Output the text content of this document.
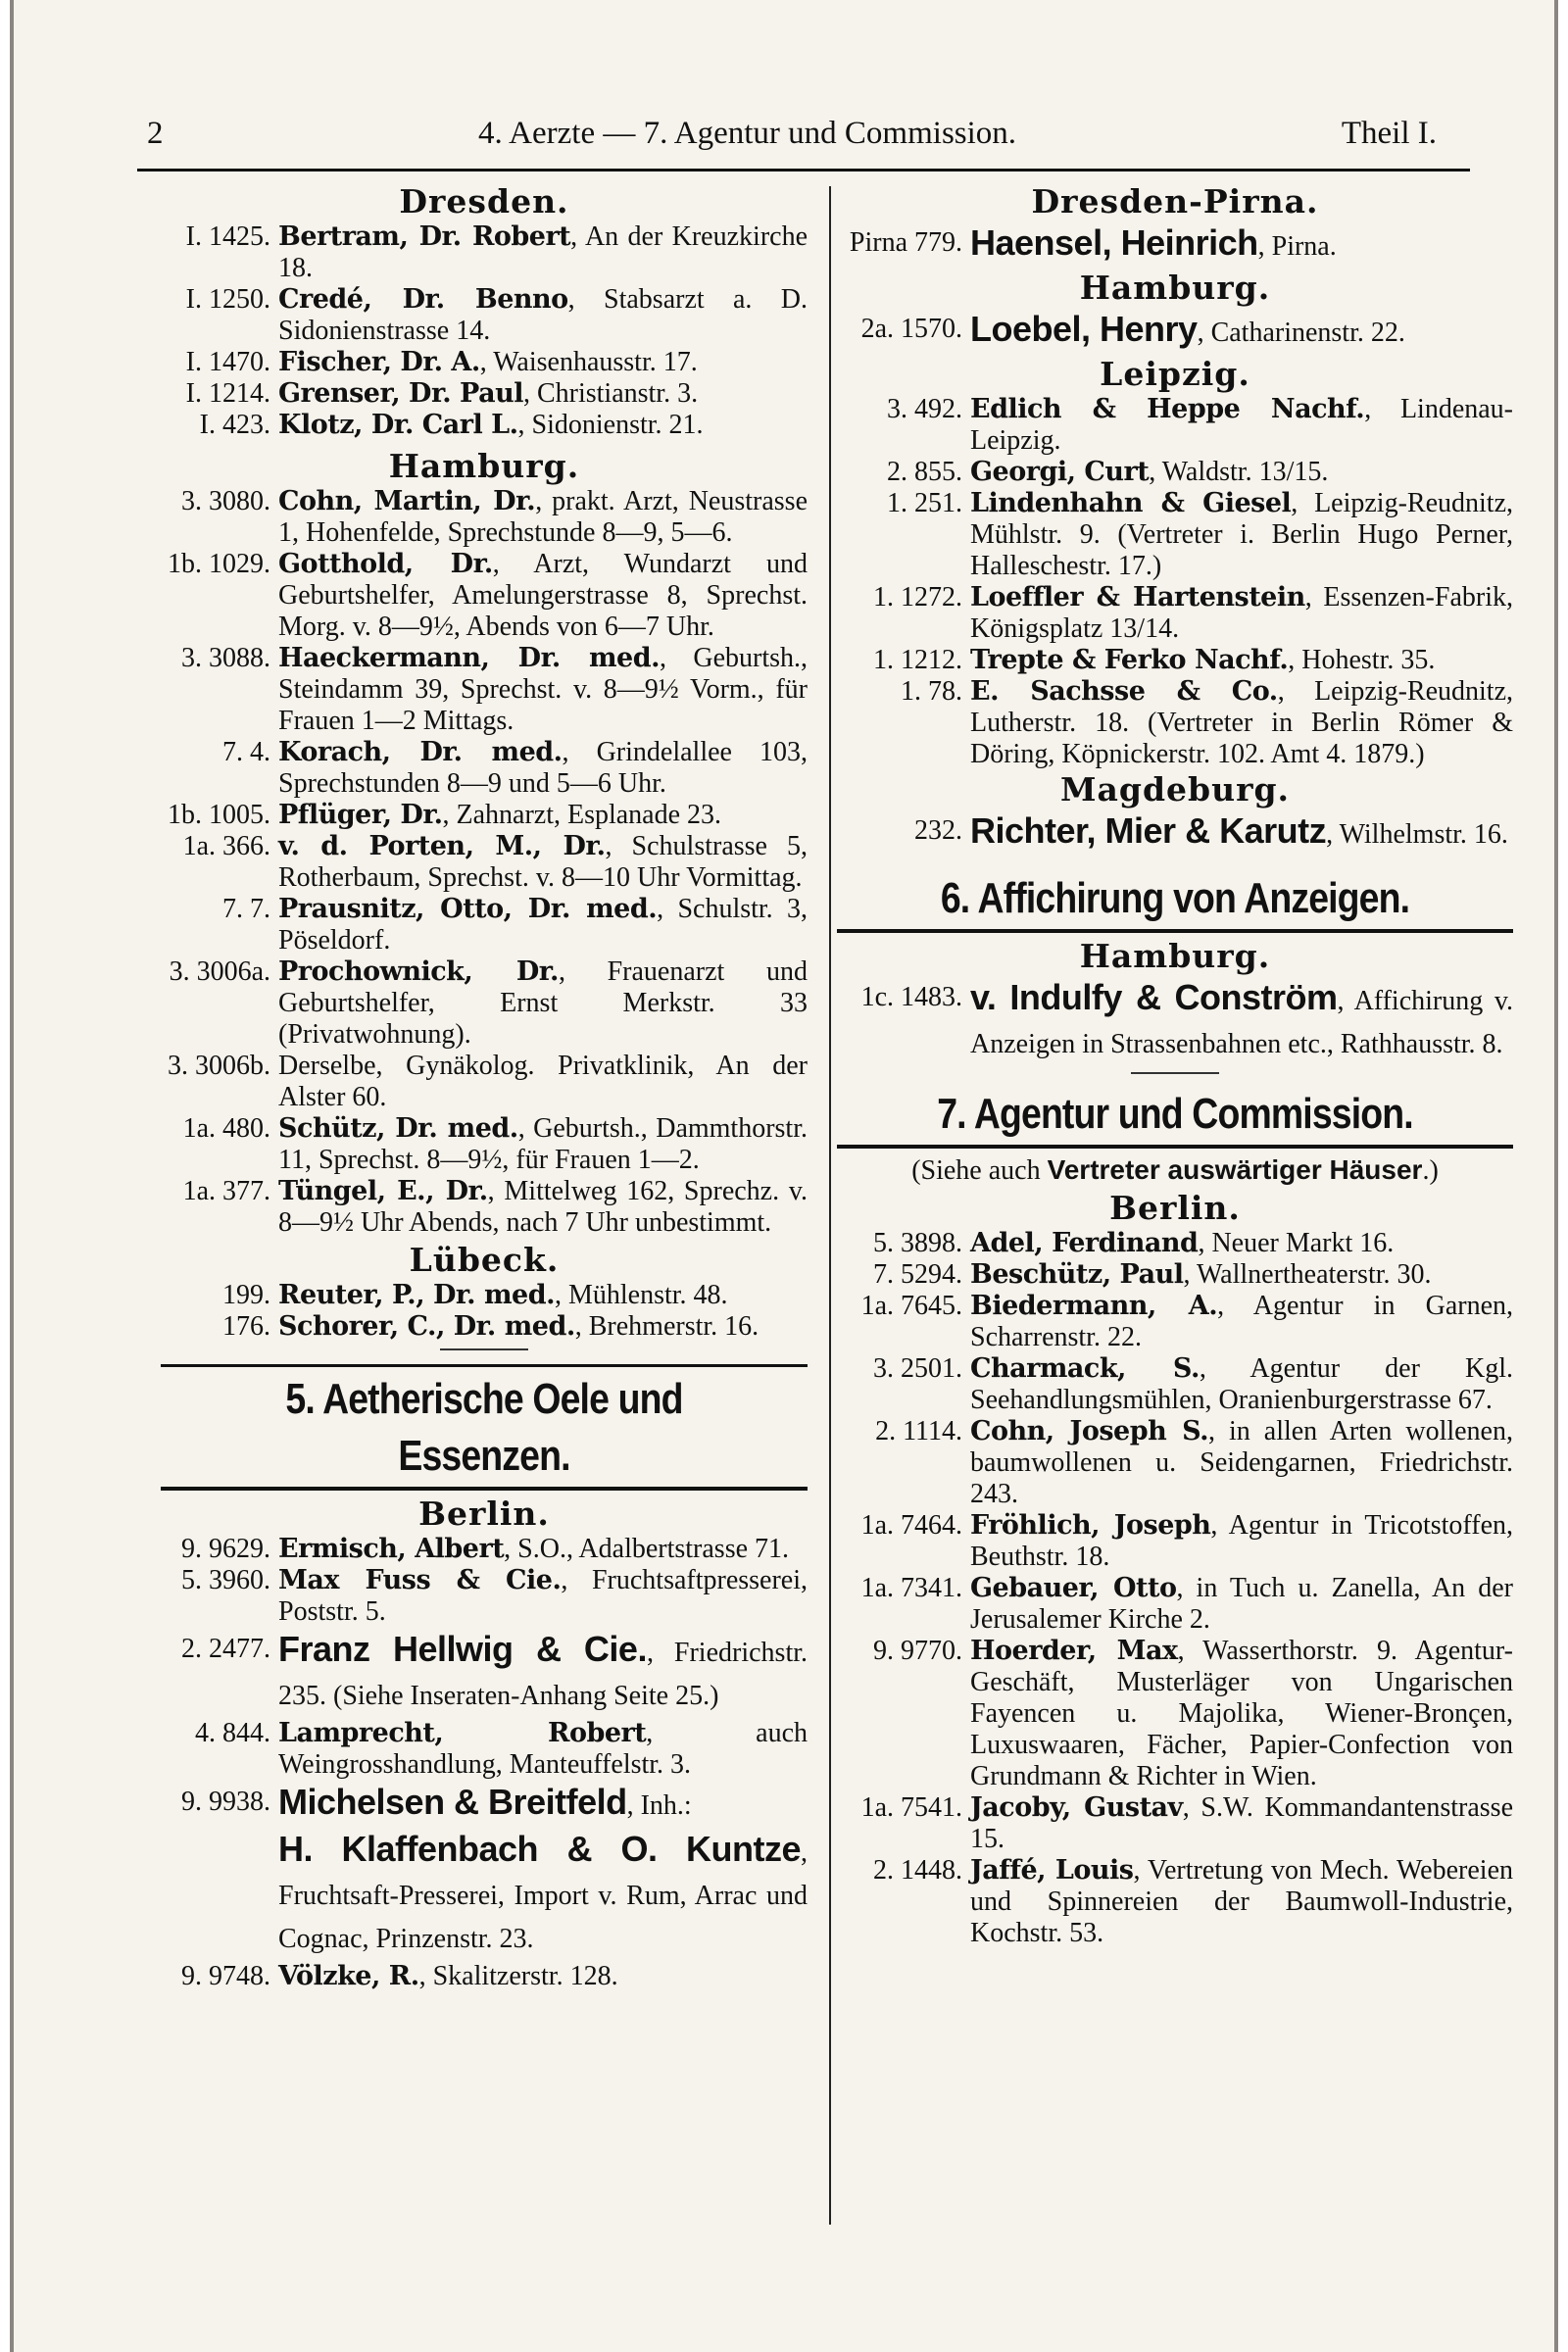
2	4. Aerzte — 7. Agentur und Commission.	Theil I.
Dresden.
I. 1425. Bertram, Dr. Robert, An der Kreuzkirche 18.
I. 1250. Credé, Dr. Benno, Stabsarzt a. D. Sidonienstrasse 14.
I. 1470. Fischer, Dr. A., Waisenhausstr. 17.
I. 1214. Grenser, Dr. Paul, Christianstr. 3.
I. 423. Klotz, Dr. Carl L., Sidonienstr. 21.
Hamburg.
3. 3080. Cohn, Martin, Dr., prakt. Arzt, Neustrasse 1, Hohenfelde, Sprechstunde 8—9, 5—6.
1b. 1029. Gotthold, Dr., Arzt, Wundarzt und Geburtshelfer, Amelungerstrasse 8, Sprechst. Morg. v. 8—9½, Abends von 6—7 Uhr.
3. 3088. Haeckermann, Dr. med., Geburtsh., Steindamm 39, Sprechst. v. 8—9½ Vorm., für Frauen 1—2 Mittags.
7. 4. Korach, Dr. med., Grindelallee 103, Sprechstunden 8—9 und 5—6 Uhr.
1b. 1005. Pflüger, Dr., Zahnarzt, Esplanade 23.
1a. 366. v. d. Porten, M., Dr., Schulstrasse 5, Rotherbaum, Sprechst. v. 8—10 Uhr Vormittag.
7. 7. Prausnitz, Otto, Dr. med., Schulstr. 3, Pöseldorf.
3. 3006a. Prochownick, Dr., Frauenarzt und Geburtshelfer, Ernst Merkstr. 33 (Privatwohnung).
3. 3006b. Derselbe, Gynäkolog. Privatklinik, An der Alster 60.
1a. 480. Schütz, Dr. med., Geburtsh., Dammthorstr. 11, Sprechst. 8—9½, für Frauen 1—2.
1a. 377. Tüngel, E., Dr., Mittelweg 162, Sprechz. v. 8—9½ Uhr Abends, nach 7 Uhr unbestimmt.
Lübeck.
199. Reuter, P., Dr. med., Mühlenstr. 48.
176. Schorer, C., Dr. med., Brehmerstr. 16.
5. Aetherische Oele und Essenzen.
Berlin.
9. 9629. Ermisch, Albert, S.O., Adalbertstrasse 71.
5. 3960. Max Fuss & Cie., Fruchtsaftpresserei, Poststr. 5.
2. 2477. Franz Hellwig & Cie., Friedrichstr. 235. (Siehe Inseraten-Anhang Seite 25.)
4. 844. Lamprecht, Robert, auch Weingrosshandlung, Manteuffelstr. 3.
9. 9938. Michelsen & Breitfeld, Inh.:
H. Klaffenbach & O. Kuntze, Fruchtsaft-Presserei, Import v. Rum, Arrac und Cognac, Prinzenstr. 23.
9. 9748. Völzke, R., Skalitzerstr. 128.
Dresden-Pirna.
Pirna 779. Haensel, Heinrich, Pirna.
Hamburg.
2a. 1570. Loebel, Henry, Catharinenstr. 22.
Leipzig.
3. 492. Edlich & Heppe Nachf., Lindenau-Leipzig.
2. 855. Georgi, Curt, Waldstr. 13/15.
1. 251. Lindenhahn & Giesel, Leipzig-Reudnitz, Mühlstr. 9. (Vertreter i. Berlin Hugo Perner, Halleschestr. 17.)
1. 1272. Loeffler & Hartenstein, Essenzen-Fabrik, Königsplatz 13/14.
1. 1212. Trepte & Ferko Nachf., Hohestr. 35.
1. 78. E. Sachsse & Co., Leipzig-Reudnitz, Lutherstr. 18. (Vertreter in Berlin Römer & Döring, Köpnickerstr. 102. Amt 4. 1879.)
Magdeburg.
232. Richter, Mier & Karutz, Wilhelmstr. 16.
6. Affichirung von Anzeigen.
Hamburg.
1c. 1483. v. Indulfy & Conström, Affichirung v. Anzeigen in Strassenbahnen etc., Rathhausstr. 8.
7. Agentur und Commission.
(Siehe auch Vertreter auswärtiger Häuser.)
Berlin.
5. 3898. Adel, Ferdinand, Neuer Markt 16.
7. 5294. Beschütz, Paul, Wallnertheaterstr. 30.
1a. 7645. Biedermann, A., Agentur in Garnen, Scharrenstr. 22.
3. 2501. Charmack, S., Agentur der Kgl. Seehandlungsmühlen, Oranienburgerstrasse 67.
2. 1114. Cohn, Joseph S., in allen Arten wollenen, baumwollenen u. Seidengarnen, Friedrichstr. 243.
1a. 7464. Fröhlich, Joseph, Agentur in Tricotstoffen, Beuthstr. 18.
1a. 7341. Gebauer, Otto, in Tuch u. Zanella, An der Jerusalemer Kirche 2.
9. 9770. Hoerder, Max, Wasserthorstr. 9. Agentur-Geschäft, Musterläger von Ungarischen Fayencen u. Majolika, Wiener-Bronçen, Luxuswaaren, Fächer, Papier-Confection von Grundmann & Richter in Wien.
1a. 7541. Jacoby, Gustav, S.W. Kommandantenstrasse 15.
2. 1448. Jaffé, Louis, Vertretung von Mech. Webereien und Spinnereien der Baumwoll-Industrie, Kochstr. 53.
